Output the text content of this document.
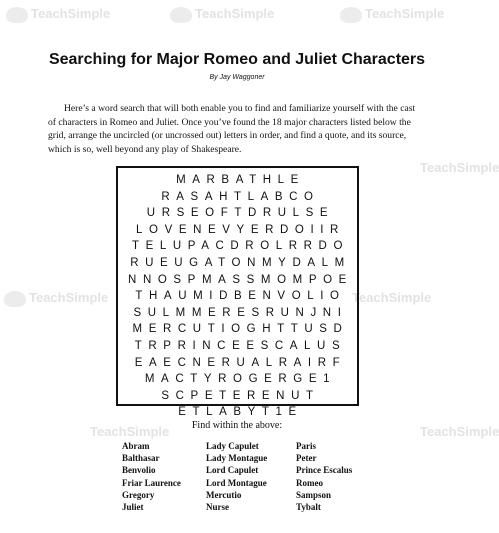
TeachSimple	TeachSimple	TeachSimple
TeachSimple
TeachSimple	TeachSimple
TeachSimple	TeachSimple
Searching for Major Romeo and Juliet Characters
By Jay Waggoner

Here’s a word search that will both enable you to find and familiarize yourself with the cast of characters in Romeo and Juliet. Once you’ve found the 18 major characters listed below the grid, arrange the uncircled (or uncrossed out) letters in order, and find a quote, and its source, which is so, well beyond any play of Shakespeare.

MARBATHLE
RASAHTLABCO
URSEOFTDRULSE
LOVENEVYERDOIIR
TELUPACDROLRRDO
RUEUGATONMYDALM
NNOSPMASSMOMPOE
THAUMIDBENVOLIO
SULMMERESRUNJNI
MERCUTIOGHTTUSD
TRPRINCEESCALUS
EAECNERUALRAIRF
MACTYROGERGE1
SCPETERENUT
ETLABYT1E
Find within the above:
Abram
Balthasar
Benvolio
Friar Laurence
Gregory
Juliet
Lady Capulet
Lady Montague
Lord Capulet
Lord Montague
Mercutio
Nurse
Paris
Peter
Prince Escalus
Romeo
Sampson
Tybalt
